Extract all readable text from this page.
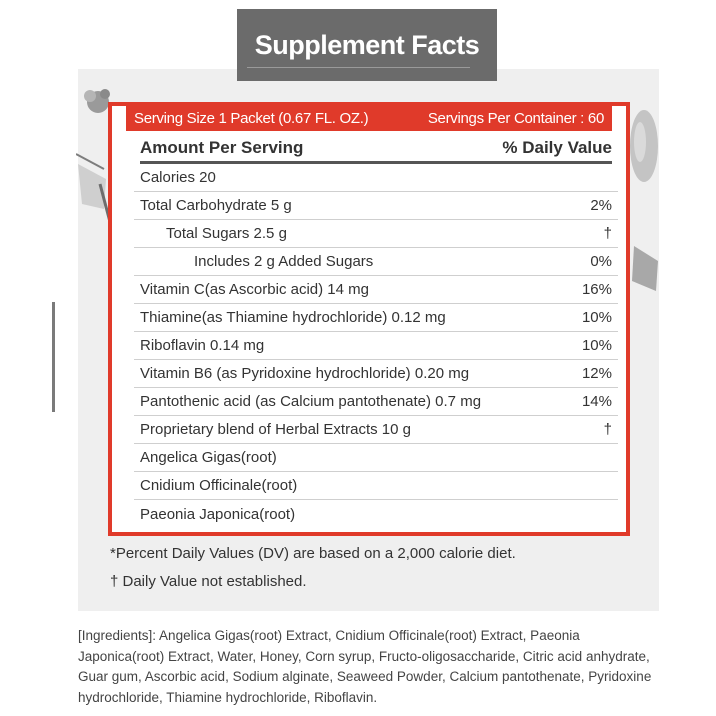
Supplement Facts
Serving Size 1 Packet (0.67 FL. OZ.)	Servings Per Container : 60
Amount Per Serving	% Daily Value
Calories 20
Total Carbohydrate 5 g	2%
Total Sugars 2.5 g	†
Includes 2 g Added Sugars	0%
Vitamin C(as Ascorbic acid) 14 mg	16%
Thiamine(as Thiamine hydrochloride) 0.12 mg	10%
Riboflavin 0.14 mg	10%
Vitamin B6 (as Pyridoxine hydrochloride) 0.20 mg	12%
Pantothenic acid (as Calcium pantothenate) 0.7 mg	14%
Proprietary blend of Herbal Extracts 10 g	†
Angelica Gigas(root)
Cnidium Officinale(root)
Paeonia Japonica(root)
*Percent Daily Values (DV) are based on a 2,000 calorie diet.
† Daily Value not established.
[Ingredients]: Angelica Gigas(root) Extract, Cnidium Officinale(root) Extract, Paeonia Japonica(root) Extract, Water, Honey, Corn syrup, Fructo-oligosaccharide, Citric acid anhydrate, Guar gum, Ascorbic acid, Sodium alginate, Seaweed Powder, Calcium pantothenate, Pyridoxine hydrochloride, Thiamine hydrochloride, Riboflavin.
